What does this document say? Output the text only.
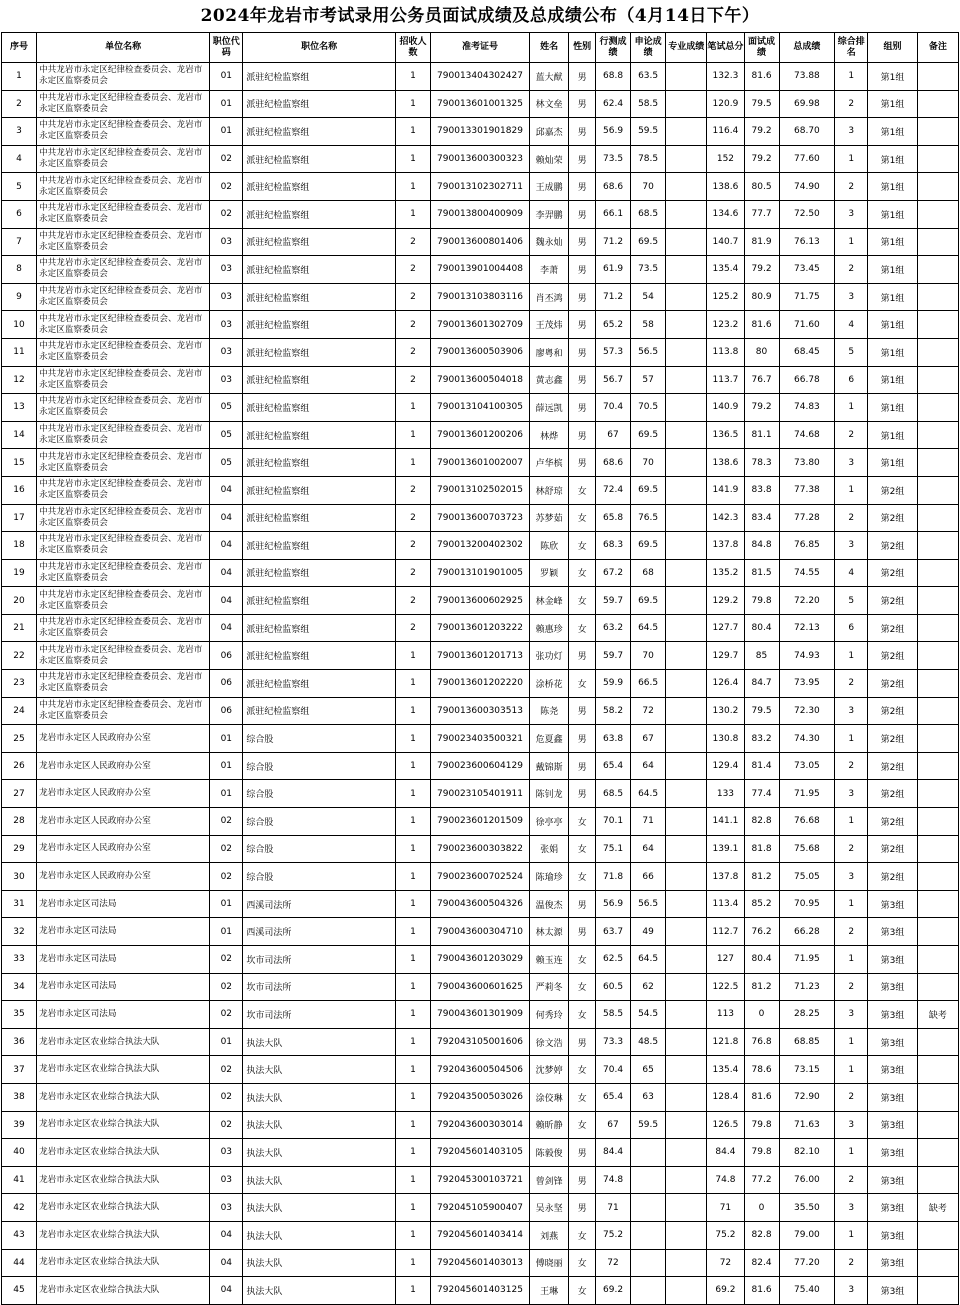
2024年龙岩市考试录用公务员面试成绩及总成绩公布（4月14日下午）
序号	单位名称	职位代码	职位名称	招收人数	准考证号	姓名	性别	行测成绩	申论成绩	专业成绩	笔试总分	面试成绩	总成绩	综合排名	组别	备注
1	中共龙岩市永定区纪律检查委员会、龙岩市永定区监察委员会	01	派驻纪检监察组	1	790013404302427	蓝大猷	男	68.8	63.5		132.3	81.6	73.88	1	第1组	
2	中共龙岩市永定区纪律检查委员会、龙岩市永定区监察委员会	01	派驻纪检监察组	1	790013601001325	林文垒	男	62.4	58.5		120.9	79.5	69.98	2	第1组	
3	中共龙岩市永定区纪律检查委员会、龙岩市永定区监察委员会	01	派驻纪检监察组	1	790013301901829	邱嘉杰	男	56.9	59.5		116.4	79.2	68.70	3	第1组	
4	中共龙岩市永定区纪律检查委员会、龙岩市永定区监察委员会	02	派驻纪检监察组	1	790013600300323	赖灿荣	男	73.5	78.5		152	79.2	77.60	1	第1组	
5	中共龙岩市永定区纪律检查委员会、龙岩市永定区监察委员会	02	派驻纪检监察组	1	790013102302711	王成鹏	男	68.6	70		138.6	80.5	74.90	2	第1组	
6	中共龙岩市永定区纪律检查委员会、龙岩市永定区监察委员会	02	派驻纪检监察组	1	790013800400909	李羿鹏	男	66.1	68.5		134.6	77.7	72.50	3	第1组	
7	中共龙岩市永定区纪律检查委员会、龙岩市永定区监察委员会	03	派驻纪检监察组	2	790013600801406	魏永灿	男	71.2	69.5		140.7	81.9	76.13	1	第1组	
8	中共龙岩市永定区纪律检查委员会、龙岩市永定区监察委员会	03	派驻纪检监察组	2	790013901004408	李萧	男	61.9	73.5		135.4	79.2	73.45	2	第1组	
9	中共龙岩市永定区纪律检查委员会、龙岩市永定区监察委员会	03	派驻纪检监察组	2	790013103803116	肖丕鸿	男	71.2	54		125.2	80.9	71.75	3	第1组	
10	中共龙岩市永定区纪律检查委员会、龙岩市永定区监察委员会	03	派驻纪检监察组	2	790013601302709	王茂炜	男	65.2	58		123.2	81.6	71.60	4	第1组	
11	中共龙岩市永定区纪律检查委员会、龙岩市永定区监察委员会	03	派驻纪检监察组	2	790013600503906	廖粤和	男	57.3	56.5		113.8	80	68.45	5	第1组	
12	中共龙岩市永定区纪律检查委员会、龙岩市永定区监察委员会	03	派驻纪检监察组	2	790013600504018	黄志鑫	男	56.7	57		113.7	76.7	66.78	6	第1组	
13	中共龙岩市永定区纪律检查委员会、龙岩市永定区监察委员会	05	派驻纪检监察组	1	790013104100305	薛远凯	男	70.4	70.5		140.9	79.2	74.83	1	第1组	
14	中共龙岩市永定区纪律检查委员会、龙岩市永定区监察委员会	05	派驻纪检监察组	1	790013601200206	林烨	男	67	69.5		136.5	81.1	74.68	2	第1组	
15	中共龙岩市永定区纪律检查委员会、龙岩市永定区监察委员会	05	派驻纪检监察组	1	790013601002007	卢华槟	男	68.6	70		138.6	78.3	73.80	3	第1组	
16	中共龙岩市永定区纪律检查委员会、龙岩市永定区监察委员会	04	派驻纪检监察组	2	790013102502015	林舒琼	女	72.4	69.5		141.9	83.8	77.38	1	第2组	
17	中共龙岩市永定区纪律检查委员会、龙岩市永定区监察委员会	04	派驻纪检监察组	2	790013600703723	苏梦茹	女	65.8	76.5		142.3	83.4	77.28	2	第2组	
18	中共龙岩市永定区纪律检查委员会、龙岩市永定区监察委员会	04	派驻纪检监察组	2	790013200402302	陈欣	女	68.3	69.5		137.8	84.8	76.85	3	第2组	
19	中共龙岩市永定区纪律检查委员会、龙岩市永定区监察委员会	04	派驻纪检监察组	2	790013101901005	罗颖	女	67.2	68		135.2	81.5	74.55	4	第2组	
20	中共龙岩市永定区纪律检查委员会、龙岩市永定区监察委员会	04	派驻纪检监察组	2	790013600602925	林金峰	女	59.7	69.5		129.2	79.8	72.20	5	第2组	
21	中共龙岩市永定区纪律检查委员会、龙岩市永定区监察委员会	04	派驻纪检监察组	2	790013601203222	赖惠珍	女	63.2	64.5		127.7	80.4	72.13	6	第2组	
22	中共龙岩市永定区纪律检查委员会、龙岩市永定区监察委员会	06	派驻纪检监察组	1	790013601201713	张功灯	男	59.7	70		129.7	85	74.93	1	第2组	
23	中共龙岩市永定区纪律检查委员会、龙岩市永定区监察委员会	06	派驻纪检监察组	1	790013601202220	涂桥花	女	59.9	66.5		126.4	84.7	73.95	2	第2组	
24	中共龙岩市永定区纪律检查委员会、龙岩市永定区监察委员会	06	派驻纪检监察组	1	790013600303513	陈尧	男	58.2	72		130.2	79.5	72.30	3	第2组	
25	龙岩市永定区人民政府办公室	01	综合股	1	790023403500321	危夏鑫	男	63.8	67		130.8	83.2	74.30	1	第2组	
26	龙岩市永定区人民政府办公室	01	综合股	1	790023600604129	戴锦斯	男	65.4	64		129.4	81.4	73.05	2	第2组	
27	龙岩市永定区人民政府办公室	01	综合股	1	790023105401911	陈钊龙	男	68.5	64.5		133	77.4	71.95	3	第2组	
28	龙岩市永定区人民政府办公室	02	综合股	1	790023601201509	徐亭亭	女	70.1	71		141.1	82.8	76.68	1	第2组	
29	龙岩市永定区人民政府办公室	02	综合股	1	790023600303822	张娟	女	75.1	64		139.1	81.8	75.68	2	第2组	
30	龙岩市永定区人民政府办公室	02	综合股	1	790023600702524	陈瑜珍	女	71.8	66		137.8	81.2	75.05	3	第2组	
31	龙岩市永定区司法局	01	西溪司法所	1	790043600504326	温俊杰	男	56.9	56.5		113.4	85.2	70.95	1	第3组	
32	龙岩市永定区司法局	01	西溪司法所	1	790043600304710	林太源	男	63.7	49		112.7	76.2	66.28	2	第3组	
33	龙岩市永定区司法局	02	坎市司法所	1	790043601203029	赖玉连	女	62.5	64.5		127	80.4	71.95	1	第3组	
34	龙岩市永定区司法局	02	坎市司法所	1	790043600601625	严莉冬	女	60.5	62		122.5	81.2	71.23	2	第3组	
35	龙岩市永定区司法局	02	坎市司法所	1	790043601301909	何秀玲	女	58.5	54.5		113	0	28.25	3	第3组	缺考
36	龙岩市永定区农业综合执法大队	01	执法大队	1	792043105001606	徐文浩	男	73.3	48.5		121.8	76.8	68.85	1	第3组	
37	龙岩市永定区农业综合执法大队	02	执法大队	1	792043600504506	沈梦婷	女	70.4	65		135.4	78.6	73.15	1	第3组	
38	龙岩市永定区农业综合执法大队	02	执法大队	1	792043500503026	涂佼琳	女	65.4	63		128.4	81.6	72.90	2	第3组	
39	龙岩市永定区农业综合执法大队	02	执法大队	1	792043600303014	赖昕静	女	67	59.5		126.5	79.8	71.63	3	第3组	
40	龙岩市永定区农业综合执法大队	03	执法大队	1	792045601403105	陈毅俊	男	84.4			84.4	79.8	82.10	1	第3组	
41	龙岩市永定区农业综合执法大队	03	执法大队	1	792045300103721	曾剑锋	男	74.8			74.8	77.2	76.00	2	第3组	
42	龙岩市永定区农业综合执法大队	03	执法大队	1	792045105900407	吴永坚	男	71			71	0	35.50	3	第3组	缺考
43	龙岩市永定区农业综合执法大队	04	执法大队	1	792045601403414	刘燕	女	75.2			75.2	82.8	79.00	1	第3组	
44	龙岩市永定区农业综合执法大队	04	执法大队	1	792045601403013	傅晓丽	女	72			72	82.4	77.20	2	第3组	
45	龙岩市永定区农业综合执法大队	04	执法大队	1	792045601403125	王琳	女	69.2			69.2	81.6	75.40	3	第3组	
